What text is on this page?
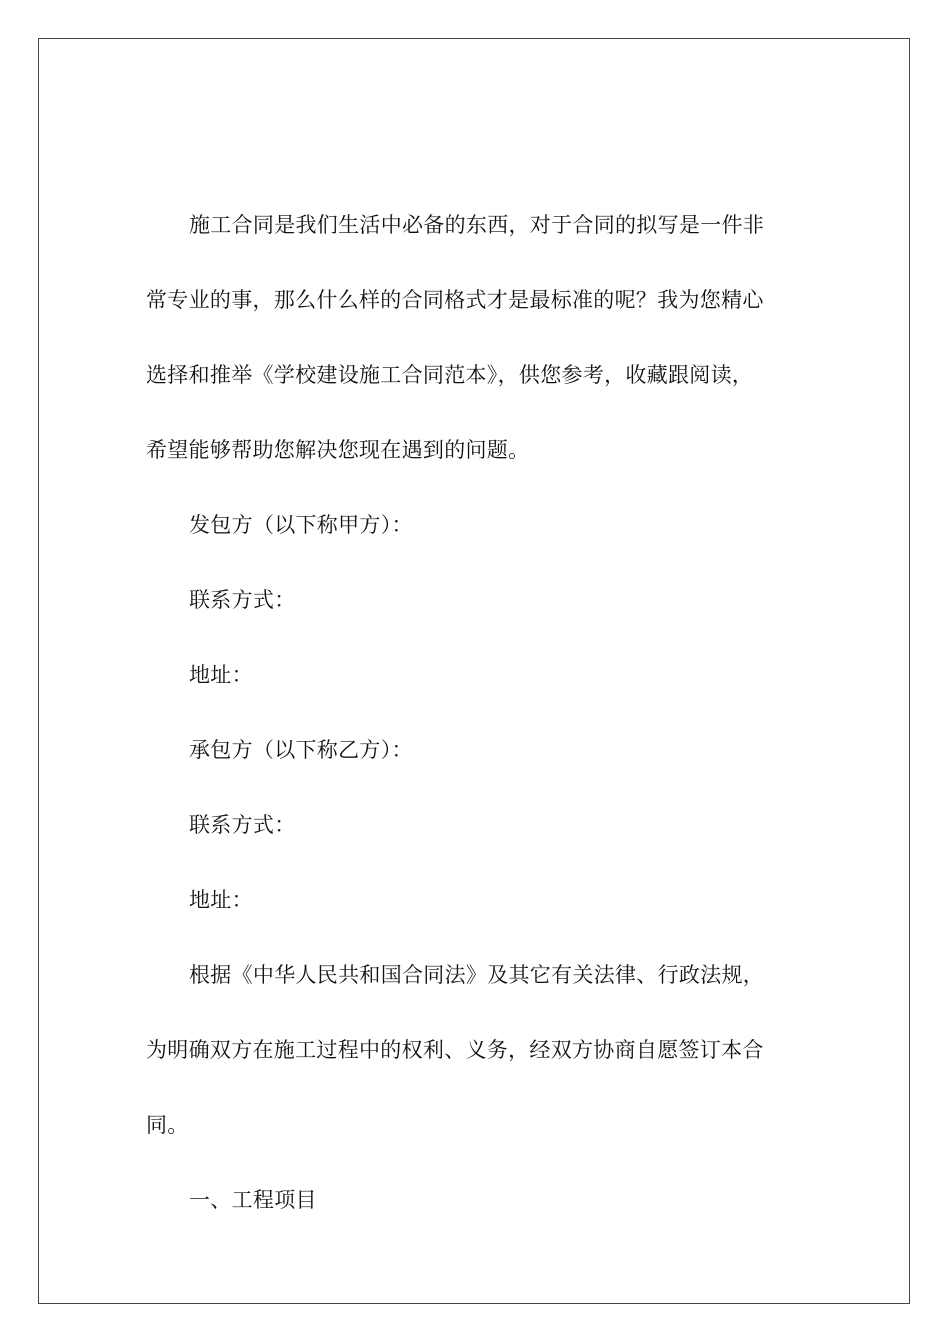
施工合同是我们生活中必备的东西，对于合同的拟写是一件非
常专业的事，那么什么样的合同格式才是最标准的呢？我为您精心
选择和推举《学校建设施工合同范本》，供您参考，收藏跟阅读，
希望能够帮助您解决您现在遇到的问题。
发包方（以下称甲方）：
联系方式：
地址：
承包方（以下称乙方）：
联系方式：
地址：
根据《中华人民共和国合同法》及其它有关法律、行政法规，
为明确双方在施工过程中的权利、义务，经双方协商自愿签订本合
同。
一、工程项目
